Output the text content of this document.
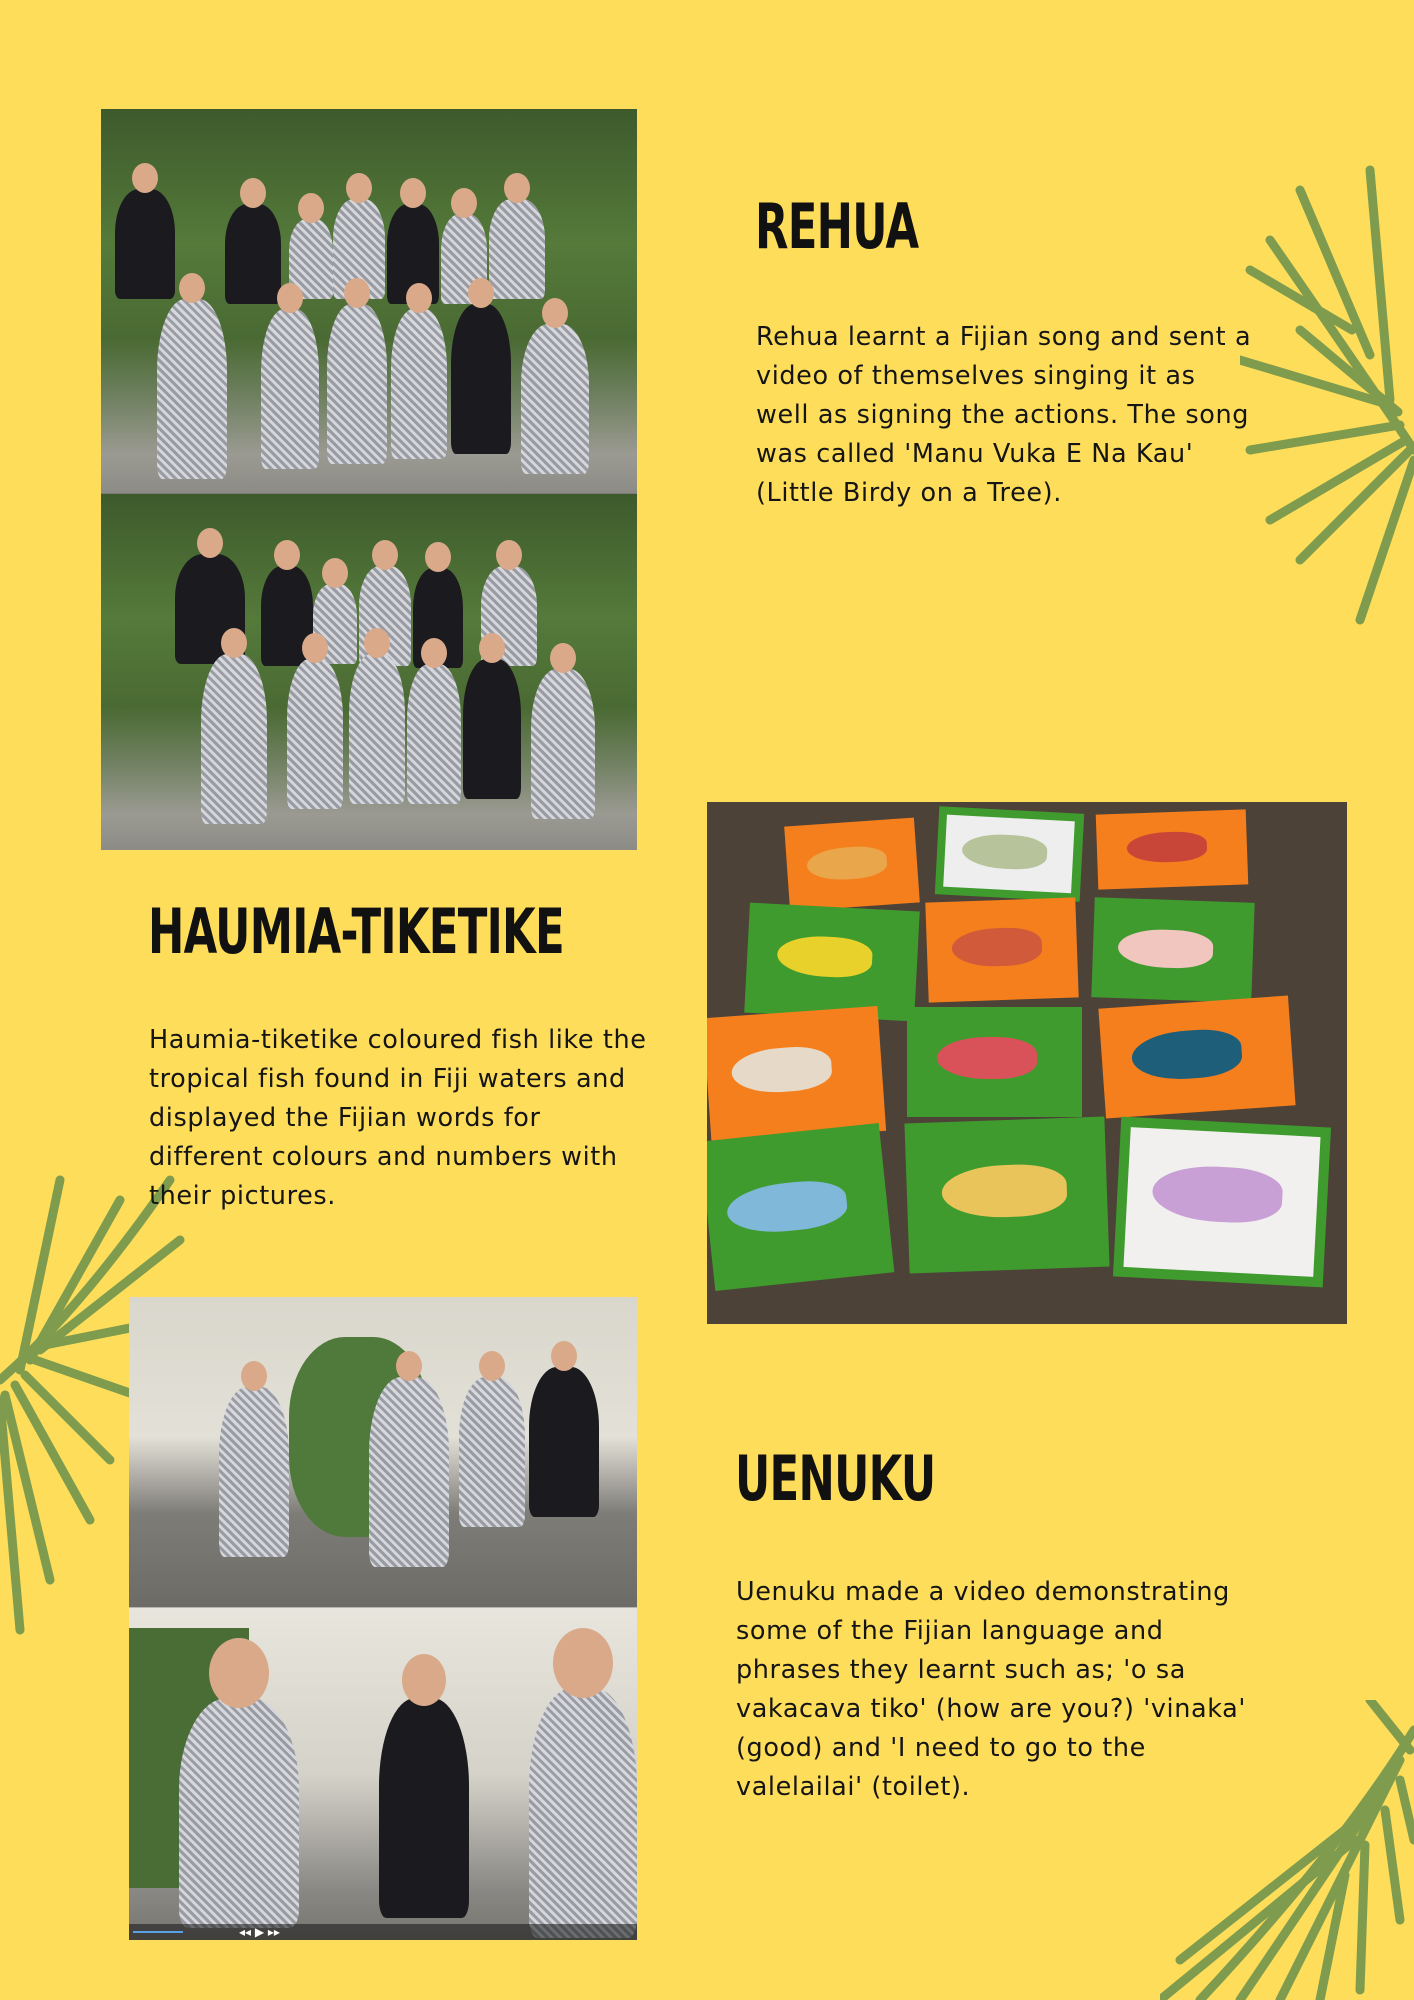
REHUA

Rehua learnt a Fijian song and sent a video of themselves singing it as well as signing the actions. The song was called 'Manu Vuka E Na Kau' (Little Birdy on a Tree).

HAUMIA-TIKETIKE

Haumia-tiketike coloured fish like the tropical fish found in Fiji waters and displayed the Fijian words for different colours and numbers with their pictures.

◂◂ ▶ ▸▸
UENUKU

Uenuku made a video demonstrating some of the Fijian language and phrases they learnt such as; 'o sa vakacava tiko' (how are you?) 'vinaka' (good) and 'I need to go to the valelailai' (toilet).
